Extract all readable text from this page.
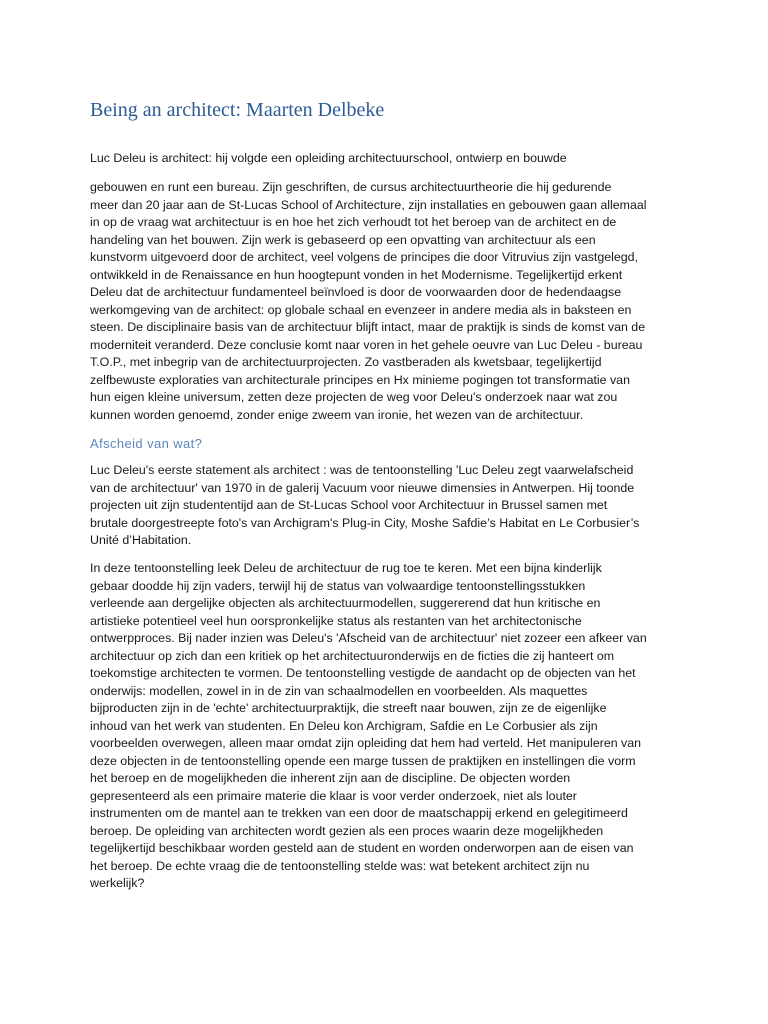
Being an architect: Maarten Delbeke

Luc Deleu is architect: hij volgde een opleiding architectuurschool, ontwierp en bouwde

gebouwen en runt een bureau. Zijn geschriften, de cursus architectuurtheorie die hij gedurende
meer dan 20 jaar aan de St-Lucas School of Architecture, zijn installaties en gebouwen gaan allemaal
in op de vraag wat architectuur is en hoe het zich verhoudt tot het beroep van de architect en de
handeling van het bouwen. Zijn werk is gebaseerd op een opvatting van architectuur als een
kunstvorm uitgevoerd door de architect, veel volgens de principes die door Vitruvius zijn vastgelegd,
ontwikkeld in de Renaissance en hun hoogtepunt vonden in het Modernisme. Tegelijkertijd erkent
Deleu dat de architectuur fundamenteel beïnvloed is door de voorwaarden door de hedendaagse
werkomgeving van de architect: op globale schaal en evenzeer in andere media als in baksteen en
steen. De disciplinaire basis van de architectuur blijft intact, maar de praktijk is sinds de komst van de
moderniteit veranderd. Deze conclusie komt naar voren in het gehele oeuvre van Luc Deleu - bureau
T.O.P., met inbegrip van de architectuurprojecten. Zo vastberaden als kwetsbaar, tegelijkertijd
zelfbewuste exploraties van architecturale principes en Hx minieme pogingen tot transformatie van
hun eigen kleine universum, zetten deze projecten de weg voor Deleu's onderzoek naar wat zou
kunnen worden genoemd, zonder enige zweem van ironie, het wezen van de architectuur.

Afscheid van wat?

Luc Deleu's eerste statement als architect : was de tentoonstelling 'Luc Deleu zegt vaarwelafscheid
van de architectuur' van 1970 in de galerij Vacuum voor nieuwe dimensies in Antwerpen. Hij toonde
projecten uit zijn studententijd aan de St-Lucas School voor Architectuur in Brussel samen met
brutale doorgestreepte foto's van Archigram's Plug-in City, Moshe Safdie’s Habitat en Le Corbusier’s
Unité d’Habitation.

In deze tentoonstelling leek Deleu de architectuur de rug toe te keren. Met een bijna kinderlijk
gebaar doodde hij zijn vaders, terwijl hij de status van volwaardige tentoonstellingsstukken
verleende aan dergelijke objecten als architectuurmodellen, suggererend dat hun kritische en
artistieke potentieel veel hun oorspronkelijke status als restanten van het architectonische
ontwerpproces. Bij nader inzien was Deleu's 'Afscheid van de architectuur' niet zozeer een afkeer van
architectuur op zich dan een kritiek op het architectuuronderwijs en de ficties die zij hanteert om
toekomstige architecten te vormen. De tentoonstelling vestigde de aandacht op de objecten van het
onderwijs: modellen, zowel in in de zin van schaalmodellen en voorbeelden. Als maquettes
bijproducten zijn in de 'echte' architectuurpraktijk, die streeft naar bouwen, zijn ze de eigenlijke
inhoud van het werk van studenten. En Deleu kon Archigram, Safdie en Le Corbusier als zijn
voorbeelden overwegen, alleen maar omdat zijn opleiding dat hem had verteld. Het manipuleren van
deze objecten in de tentoonstelling opende een marge tussen de praktijken en instellingen die vorm
het beroep en de mogelijkheden die inherent zijn aan de discipline. De objecten worden
gepresenteerd als een primaire materie die klaar is voor verder onderzoek, niet als louter
instrumenten om de mantel aan te trekken van een door de maatschappij erkend en gelegitimeerd
beroep. De opleiding van architecten wordt gezien als een proces waarin deze mogelijkheden
tegelijkertijd beschikbaar worden gesteld aan de student en worden onderworpen aan de eisen van
het beroep. De echte vraag die de tentoonstelling stelde was: wat betekent architect zijn nu
werkelijk?
